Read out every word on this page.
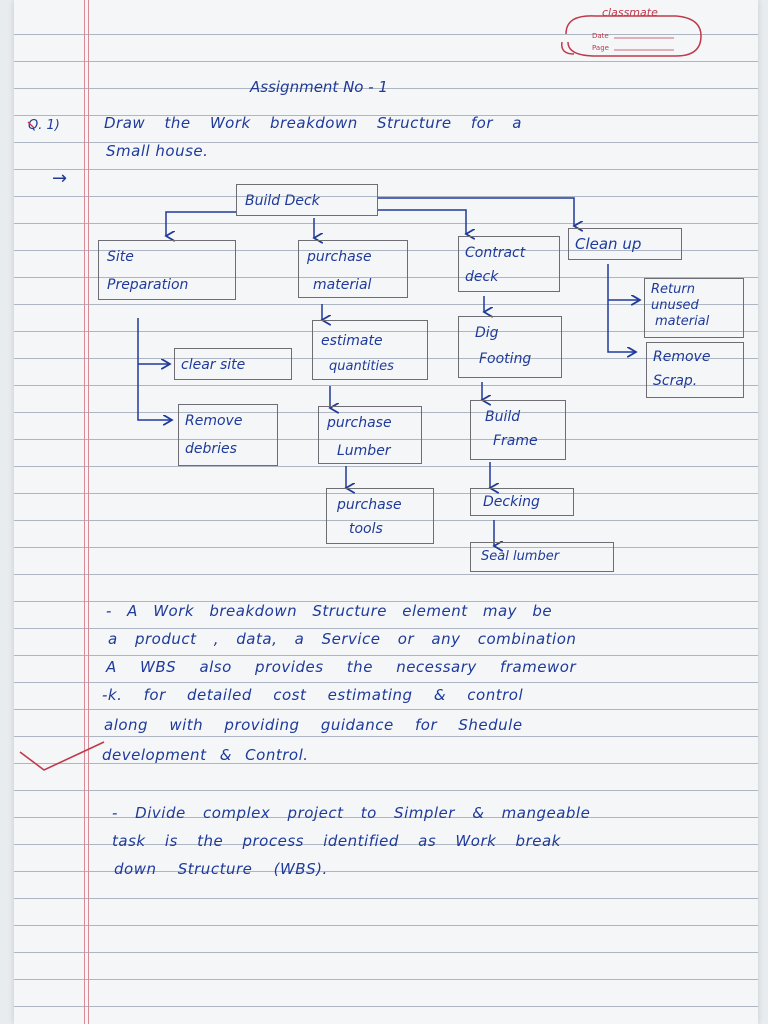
classmate
Date
Page
Assignment No - 1
Q. 1)	Draw the Work breakdown Structure for a
Small house.
→
Build Deck
Site
Preparation
clear site
Remove
debries
purchase
material
estimate
quantities
purchase
Lumber
purchase
tools
Contract
deck
Dig
Footing
Build
Frame
Decking
Seal lumber
Clean up
Return
unused
material
Remove
Scrap.
- A Work breakdown Structure element may be
a product , data, a Service or any combination
A WBS also provides the necessary framewor
-k. for detailed cost estimating & control
along with providing guidance for Shedule
development & Control.
- Divide complex project to Simpler & mangeable
task is the process identified as Work break
down Structure (WBS).
